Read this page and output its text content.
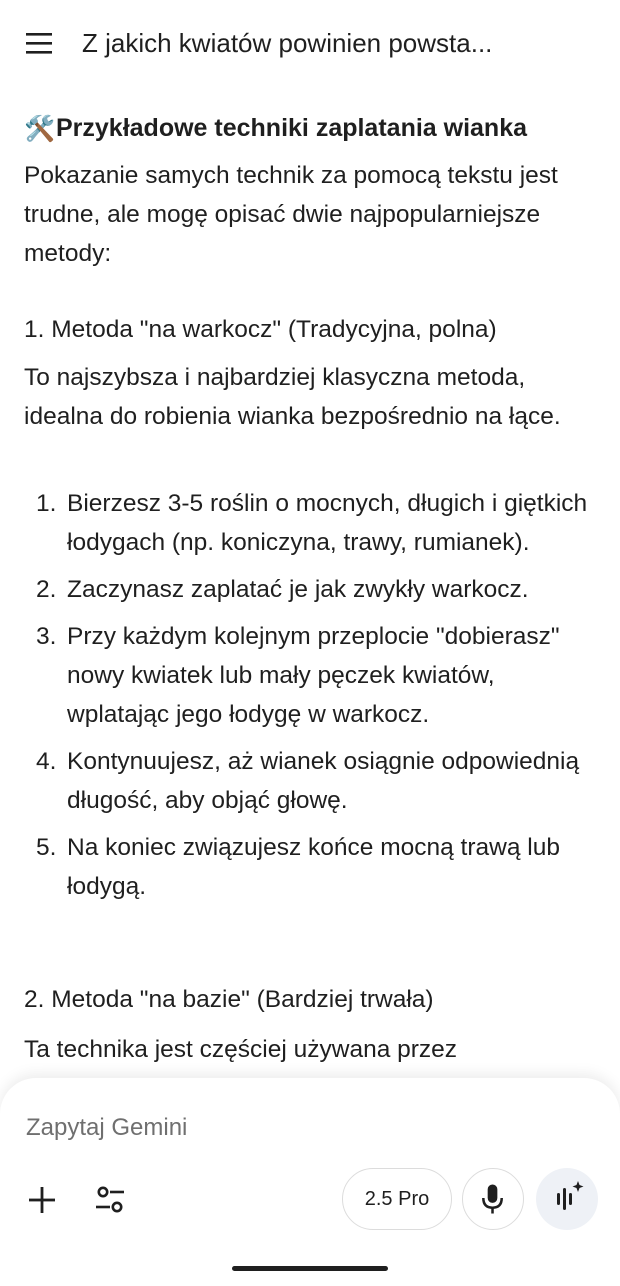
Z jakich kwiatów powinien powsta...
🛠️Przykładowe techniki zaplatania wianka
Pokazanie samych technik za pomocą tekstu jest trudne, ale mogę opisać dwie najpopularniejsze metody:
1. Metoda "na warkocz" (Tradycyjna, polna)
To najszybsza i najbardziej klasyczna metoda, idealna do robienia wianka bezpośrednio na łące.
1. Bierzesz 3-5 roślin o mocnych, długich i giętkich łodygach (np. koniczyna, trawy, rumianek).
2. Zaczynasz zaplatać je jak zwykły warkocz.
3. Przy każdym kolejnym przeplocie "dobierasz" nowy kwiatek lub mały pęczek kwiatów, wplatając jego łodygę w warkocz.
4. Kontynuujesz, aż wianek osiągnie odpowiednią długość, aby objąć głowę.
5. Na koniec związujesz końce mocną trawą lub łodygą.
2. Metoda "na bazie" (Bardziej trwała)
Ta technika jest częściej używana przez
Zapytaj Gemini
2.5 Pro
